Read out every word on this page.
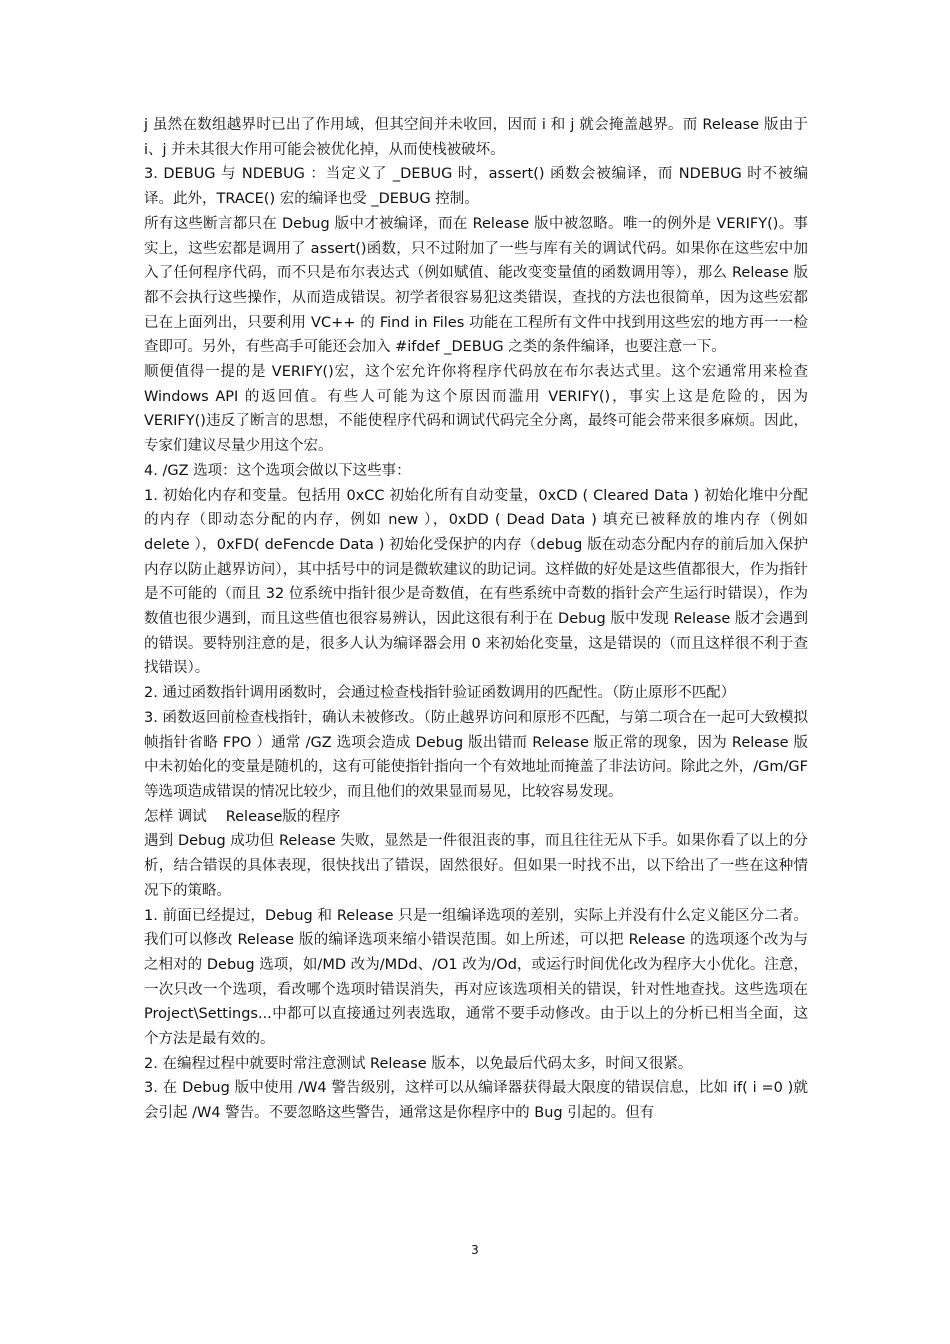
j 虽然在数组越界时已出了作用域，但其空间并未收回，因而 i 和 j 就会掩盖越界。而 Release 版由于 i、j 并未其很大作用可能会被优化掉，从而使栈被破坏。

3. DEBUG 与 NDEBUG ：当定义了 _DEBUG 时，assert() 函数会被编译，而 NDEBUG 时不被编译。此外，TRACE() 宏的编译也受 _DEBUG 控制。

所有这些断言都只在 Debug 版中才被编译，而在 Release 版中被忽略。唯一的例外是 VERIFY()。事实上，这些宏都是调用了 assert()函数，只不过附加了一些与库有关的调试代码。如果你在这些宏中加入了任何程序代码，而不只是布尔表达式（例如赋值、能改变变量值的函数调用等），那么 Release 版都不会执行这些操作，从而造成错误。初学者很容易犯这类错误，查找的方法也很简单，因为这些宏都已在上面列出，只要利用 VC++ 的 Find in Files 功能在工程所有文件中找到用这些宏的地方再一一检查即可。另外，有些高手可能还会加入 #ifdef _DEBUG 之类的条件编译，也要注意一下。

顺便值得一提的是 VERIFY()宏，这个宏允许你将程序代码放在布尔表达式里。这个宏通常用来检查 Windows API 的返回值。有些人可能为这个原因而滥用 VERIFY()，事实上这是危险的，因为 VERIFY()违反了断言的思想，不能使程序代码和调试代码完全分离，最终可能会带来很多麻烦。因此，专家们建议尽量少用这个宏。

4. /GZ 选项：这个选项会做以下这些事：

1. 初始化内存和变量。包括用 0xCC 初始化所有自动变量，0xCD ( Cleared Data ) 初始化堆中分配的内存（即动态分配的内存，例如 new ），0xDD ( Dead Data ) 填充已被释放的堆内存（例如 delete ），0xFD( deFencde Data ) 初始化受保护的内存（debug 版在动态分配内存的前后加入保护内存以防止越界访问），其中括号中的词是微软建议的助记词。这样做的好处是这些值都很大，作为指针是不可能的（而且 32 位系统中指针很少是奇数值，在有些系统中奇数的指针会产生运行时错误），作为数值也很少遇到，而且这些值也很容易辨认，因此这很有利于在 Debug 版中发现 Release 版才会遇到的错误。要特别注意的是，很多人认为编译器会用 0 来初始化变量，这是错误的（而且这样很不利于查找错误）。

2. 通过函数指针调用函数时，会通过检查栈指针验证函数调用的匹配性。（防止原形不匹配）

3. 函数返回前检查栈指针，确认未被修改。（防止越界访问和原形不匹配，与第二项合在一起可大致模拟帧指针省略 FPO ）通常 /GZ 选项会造成 Debug 版出错而 Release 版正常的现象，因为 Release 版中未初始化的变量是随机的，这有可能使指针指向一个有效地址而掩盖了非法访问。除此之外，/Gm/GF 等选项造成错误的情况比较少，而且他们的效果显而易见，比较容易发现。

怎样 调试　 Release版的程序

遇到 Debug 成功但 Release 失败，显然是一件很沮丧的事，而且往往无从下手。如果你看了以上的分析，结合错误的具体表现，很快找出了错误，固然很好。但如果一时找不出，以下给出了一些在这种情况下的策略。

1. 前面已经提过，Debug 和 Release 只是一组编译选项的差别，实际上并没有什么定义能区分二者。我们可以修改 Release 版的编译选项来缩小错误范围。如上所述，可以把 Release 的选项逐个改为与之相对的 Debug 选项，如/MD 改为/MDd、/O1 改为/Od，或运行时间优化改为程序大小优化。注意，一次只改一个选项，看改哪个选项时错误消失，再对应该选项相关的错误，针对性地查找。这些选项在 Project\Settings...中都可以直接通过列表选取，通常不要手动修改。由于以上的分析已相当全面，这个方法是最有效的。

2. 在编程过程中就要时常注意测试 Release 版本，以免最后代码太多，时间又很紧。

3. 在 Debug 版中使用 /W4 警告级别，这样可以从编译器获得最大限度的错误信息，比如 if( i =0 )就会引起 /W4 警告。不要忽略这些警告，通常这是你程序中的 Bug 引起的。但有

3
